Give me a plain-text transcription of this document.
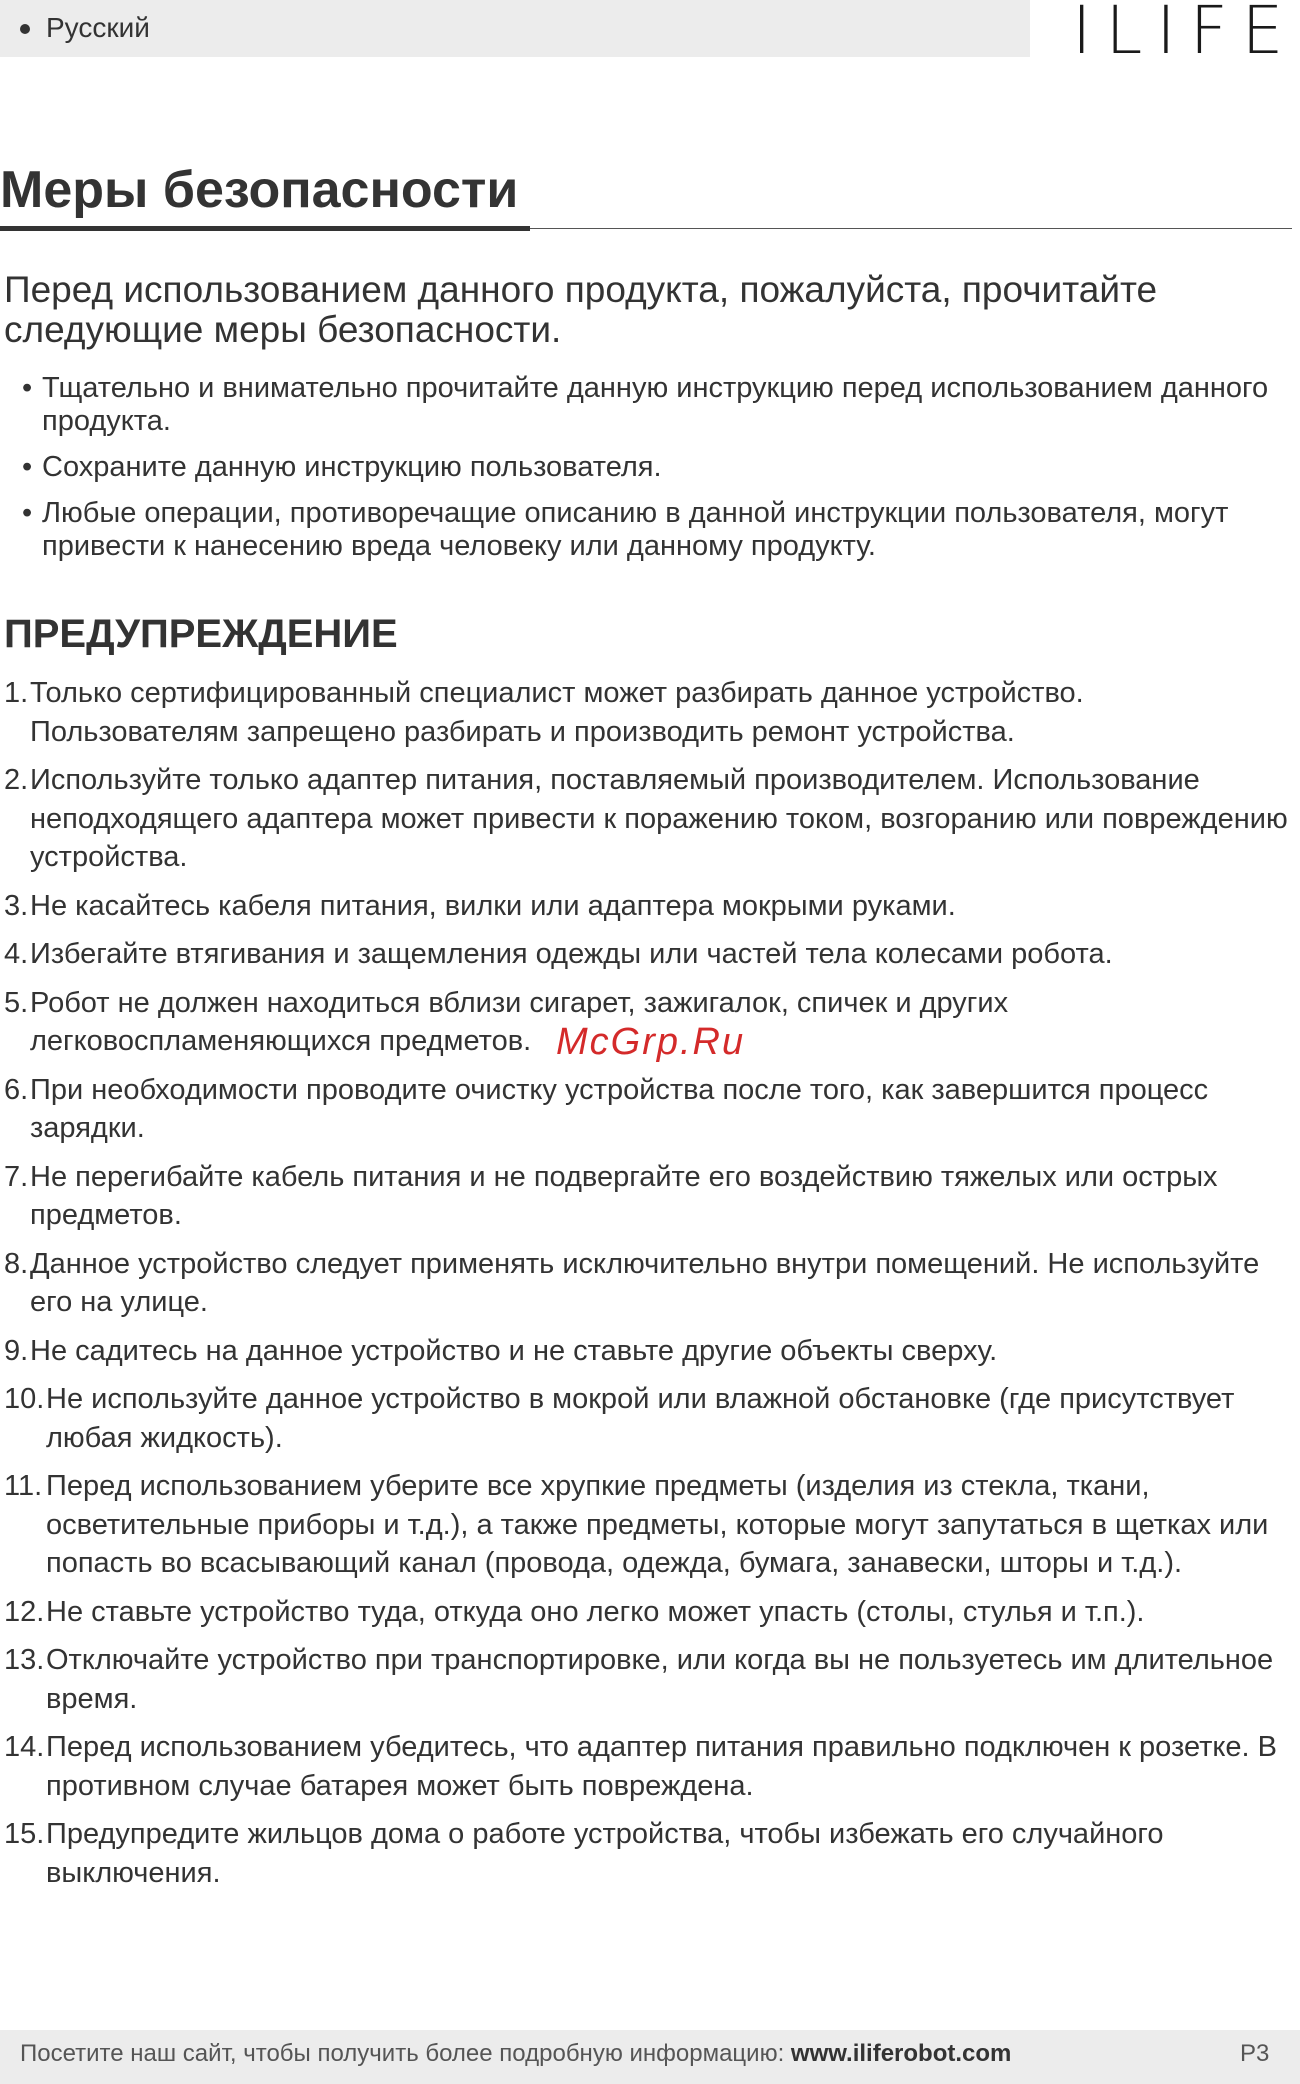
Русский	ILIFE
Меры безопасности

Перед использованием данного продукта, пожалуйста, прочитайте следующие меры безопасности.

• Тщательно и внимательно прочитайте данную инструкцию перед использованием данного продукта.
• Сохраните данную инструкцию пользователя.
• Любые операции, противоречащие описанию в данной инструкции пользователя, могут привести к нанесению вреда человеку или данному продукту.
ПРЕДУПРЕЖДЕНИЕ
1. Только сертифицированный специалист может разбирать данное устройство. Пользователям запрещено разбирать и производить ремонт устройства.
2. Используйте только адаптер питания, поставляемый производителем. Использование неподходящего адаптера может привести к поражению током, возгоранию или повреждению устройства.
3. Не касайтесь кабеля питания, вилки или адаптера мокрыми руками.
4. Избегайте втягивания и защемления одежды или частей тела колесами робота.
5. Робот не должен находиться вблизи сигарет, зажигалок, спичек и других легковоспламеняющихся предметов.
6. При необходимости проводите очистку устройства после того, как завершится процесс зарядки.
7. Не перегибайте кабель питания и не подвергайте его воздействию тяжелых или острых предметов.
8. Данное устройство следует применять исключительно внутри помещений. Не используйте его на улице.
9. Не садитесь на данное устройство и не ставьте другие объекты сверху.
10. Не используйте данное устройство в мокрой или влажной обстановке (где присутствует любая жидкость).
11. Перед использованием уберите все хрупкие предметы (изделия из стекла, ткани, осветительные приборы и т.д.), а также предметы, которые могут запутаться в щетках или попасть во всасывающий канал (провода, одежда, бумага, занавески, шторы и т.д.).
12. Не ставьте устройство туда, откуда оно легко может упасть (столы, стулья и т.п.).
13. Отключайте устройство при транспортировке, или когда вы не пользуетесь им длительное время.
14. Перед использованием убедитесь, что адаптер питания правильно подключен к розетке. В противном случае батарея может быть повреждена.
15. Предупредите жильцов дома о работе устройства, чтобы избежать его случайного выключения.
McGrp.Ru
Посетите наш сайт, чтобы получить более подробную информацию: www.iliferobot.com	P3
